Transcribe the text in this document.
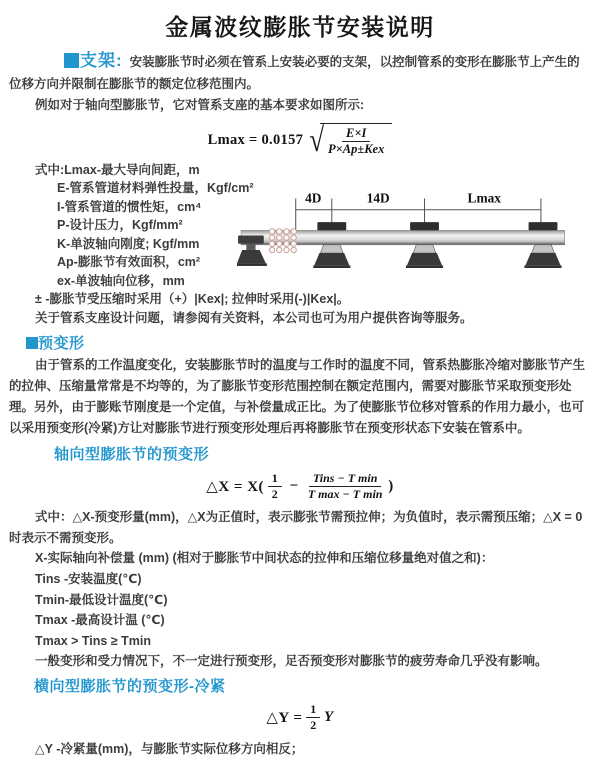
金属波纹膨胀节安装说明

支架: 安装膨胀节时必须在管系上安装必要的支架，以控制管系的变形在膨胀节上产生的位移方向并限制在膨胀节的额定位移范围内。

例如对于轴向型膨胀节，它对管系支座的基本要求如图所示:

Lmax = 0.0157 √ $\frac{E\times I}{\text{P×Ap±Kex}}$
式中:Lmax-最大导向间距，m
E-管系管道材料弹性投量，Kgf/cm²
I-管系管道的惯性矩，cm⁴
P-设计压力，Kgf/mm²
K-单波轴向刚度; Kgf/mm
Ap-膨胀节有效面积，cm²
ex-单波轴向位移，mm
± -膨胀节受压缩时采用（+）|Kex|; 拉伸时采用(-)|Kex|。
关于管系支座设计问题，请参阅有关资料，本公司也可为用户提供咨询等服务。
4D	14D	Lmax
预变形

由于管系的工作温度变化，安装膨胀节时的温度与工作时的温度不同，管系热膨胀冷缩对膨胀节产生的拉伸、压缩量常常是不均等的，为了膨胀节变形范围控制在额定范围内，需要对膨胀节采取预变形处理。另外，由于膨账节刚度是一个定值，与补偿量成正比。为了使膨胀节位移对管系的作用力最小，也可以采用预变形(冷紧)方让对膨胀节进行预变形处理后再将膨胀节在预变形状态下安装在管系中。

轴向型膨胀节的预变形
△X = $X( \frac{1}{2} - \frac{\text{Tins − T min}}{\text{T max − T min}}$ )

式中：△X-预变形量(mm)，△X为正值时，表示膨张节需预拉伸；为负值时，表示需预压缩；△X = 0时表示不需预变形。

X-实际轴向补偿量 (mm) (相对于膨胀节中间状态的拉伸和压缩位移量绝对值之和)：
Tins -安装温度(℃)
Tmin-最低设计温度(℃)
Tmax -最高设计温 (℃)
Tmax > Tins ≥ Tmin

一般变形和受力情况下，不一定进行预变形，足否预变形对膨胀节的疲劳寿命几乎没有影响。

横向型膨胀节的预变形-冷紧
△Y = $\frac{1}{2}$ Y
△Y -冷紧量(mm)，与膨胀节实际位移方向相反；
